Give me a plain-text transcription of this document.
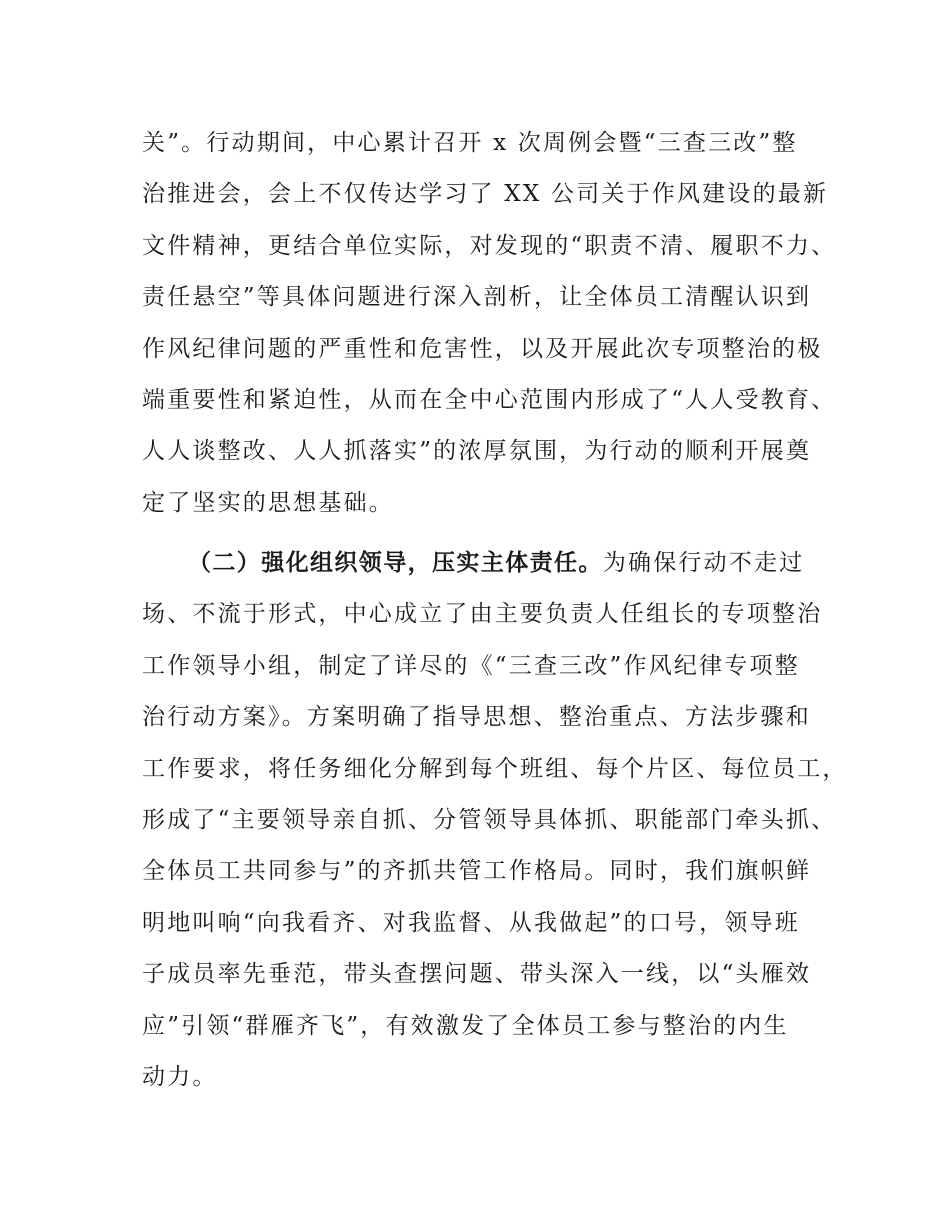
关”。行动期间，中心累计召开 x 次周例会暨“三查三改”整
治推进会，会上不仅传达学习了 XX 公司关于作风建设的最新
文件精神，更结合单位实际，对发现的“职责不清、履职不力、
责任悬空”等具体问题进行深入剖析，让全体员工清醒认识到
作风纪律问题的严重性和危害性，以及开展此次专项整治的极
端重要性和紧迫性，从而在全中心范围内形成了“人人受教育、
人人谈整改、人人抓落实”的浓厚氛围，为行动的顺利开展奠
定了坚实的思想基础。
（二）强化组织领导，压实主体责任。为确保行动不走过
场、不流于形式，中心成立了由主要负责人任组长的专项整治
工作领导小组，制定了详尽的《“三查三改”作风纪律专项整
治行动方案》。方案明确了指导思想、整治重点、方法步骤和
工作要求，将任务细化分解到每个班组、每个片区、每位员工，
形成了“主要领导亲自抓、分管领导具体抓、职能部门牵头抓、
全体员工共同参与”的齐抓共管工作格局。同时，我们旗帜鲜
明地叫响“向我看齐、对我监督、从我做起”的口号，领导班
子成员率先垂范，带头查摆问题、带头深入一线，以“头雁效
应”引领“群雁齐飞”，有效激发了全体员工参与整治的内生
动力。
